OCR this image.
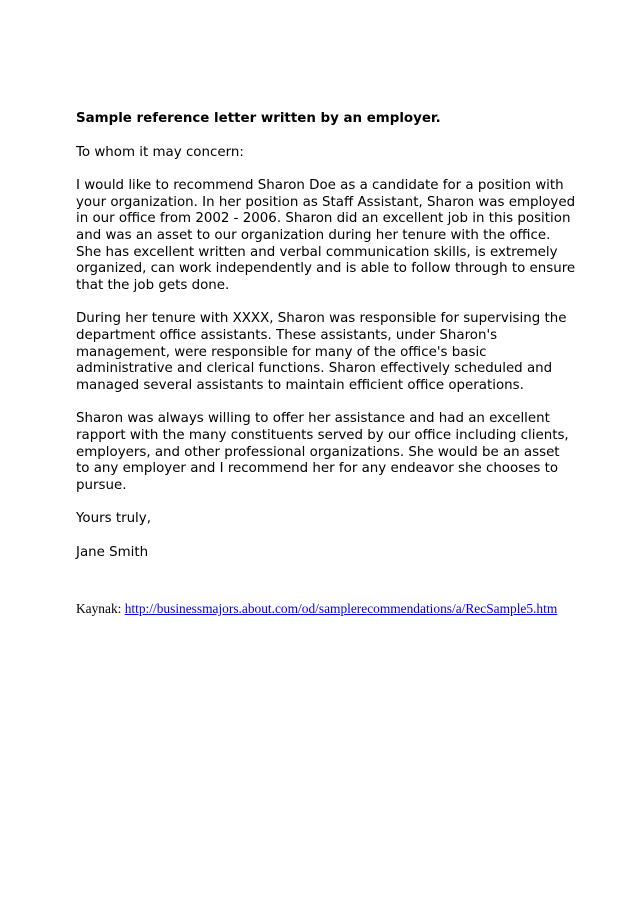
Sample reference letter written by an employer.

To whom it may concern:

I would like to recommend Sharon Doe as a candidate for a position with your organization. In her position as Staff Assistant, Sharon was employed in our office from 2002 - 2006. Sharon did an excellent job in this position and was an asset to our organization during her tenure with the office. She has excellent written and verbal communication skills, is extremely organized, can work independently and is able to follow through to ensure that the job gets done.

During her tenure with XXXX, Sharon was responsible for supervising the department office assistants. These assistants, under Sharon's management, were responsible for many of the office's basic administrative and clerical functions. Sharon effectively scheduled and managed several assistants to maintain efficient office operations.

Sharon was always willing to offer her assistance and had an excellent rapport with the many constituents served by our office including clients, employers, and other professional organizations. She would be an asset to any employer and I recommend her for any endeavor she chooses to pursue.

Yours truly,

Jane Smith

Kaynak: http://businessmajors.about.com/od/samplerecommendations/a/RecSample5.htm
